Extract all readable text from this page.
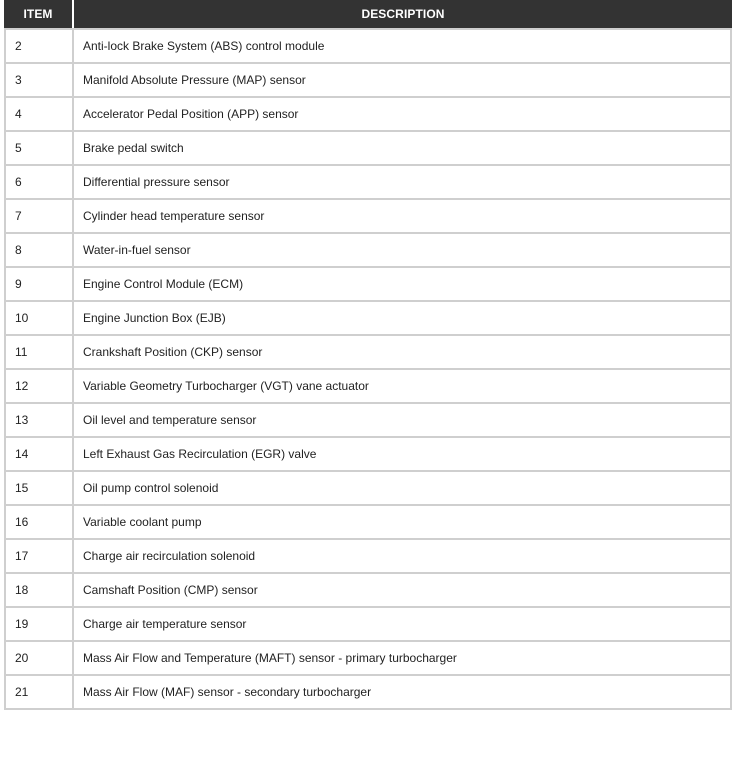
ITEM	DESCRIPTION
2	Anti-lock Brake System (ABS) control module
3	Manifold Absolute Pressure (MAP) sensor
4	Accelerator Pedal Position (APP) sensor
5	Brake pedal switch
6	Differential pressure sensor
7	Cylinder head temperature sensor
8	Water-in-fuel sensor
9	Engine Control Module (ECM)
10	Engine Junction Box (EJB)
11	Crankshaft Position (CKP) sensor
12	Variable Geometry Turbocharger (VGT) vane actuator
13	Oil level and temperature sensor
14	Left Exhaust Gas Recirculation (EGR) valve
15	Oil pump control solenoid
16	Variable coolant pump
17	Charge air recirculation solenoid
18	Camshaft Position (CMP) sensor
19	Charge air temperature sensor
20	Mass Air Flow and Temperature (MAFT) sensor - primary turbocharger
21	Mass Air Flow (MAF) sensor - secondary turbocharger
